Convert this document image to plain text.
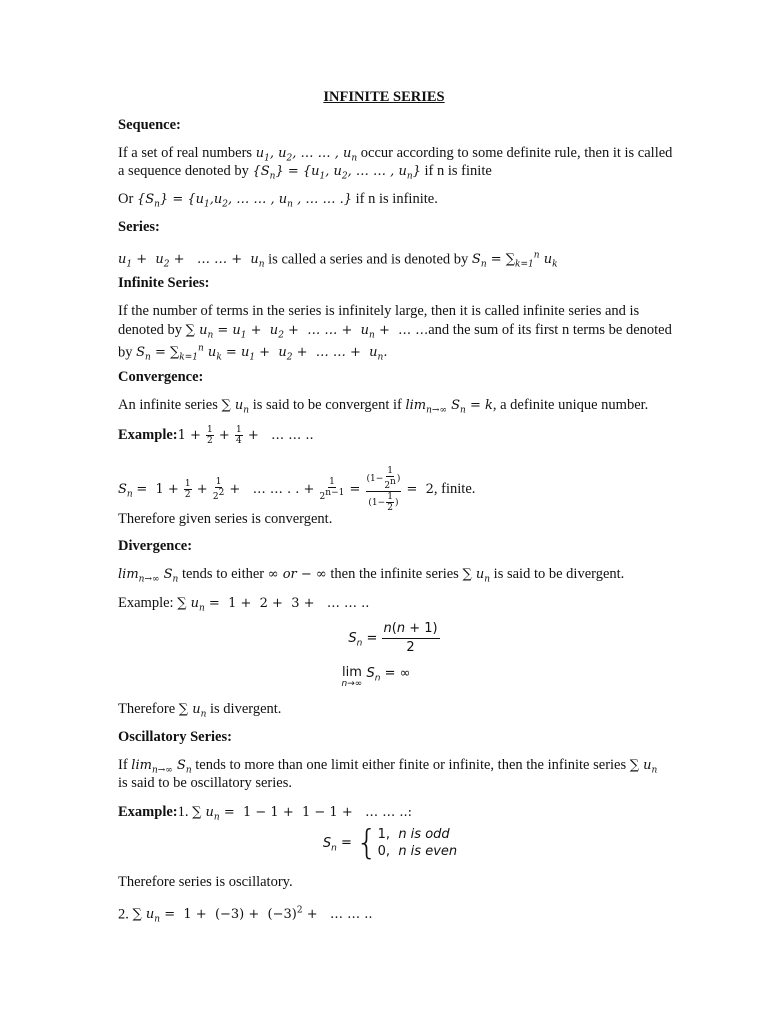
INFINITE SERIES
Sequence:
If a set of real numbers $u_1$, $u_2$, … … , $u_n$ occur according to some definite rule, then it is called
a sequence denoted by $\{S_n\} = \{u_1$, $u_2$, … … , $u_n$} if n is finite
Or $\{S_n\} = \{u_1,u_2$, … … , $u_n$ , … … .} if n is infinite.
Series:
$u_1 + u_2$ +   … … +  $u_n$ is called a series and is denoted by $S_n = \sum_{k=1}^n$ $u_k$
Infinite Series:
If the number of terms in the series is infinitely large, then it is called infinite series and is
denoted by ∑ $u_n = u_1 + u_2$ +  … … +  $u_n$ +  … …and the sum of its first n terms be denoted
by $S_n = \sum_{k=1}^n$ $u_k = u_1 + u_2$ +  … … +  $u_n$.
Convergence:
An infinite series ∑ $u_n$ is said to be convergent if $\lim_{n\to\infty} S_n = k$, a definite unique number.
Example:1 + $\frac{1}{2} + \frac{1}{4}$ +   … … ..
$S_n = 1 + \frac{1}{2} + \frac{1}{2^2}$ +   … … . . + $\frac{1}{2^{n-1}} = \frac{(1- \frac{1}{2^n} )}{(1- \frac{1}{2} )} = 2$, finite.
Therefore given series is convergent.
Divergence:
$\lim_{n\to\infty} S_n$ tends to either ∞ or − ∞ then the infinite series ∑ $u_n$ is said to be divergent.
Example: ∑ $u_n = 1 + 2 + 3$ +   … … ..
$S_n = \frac{n(n + 1)}{2}$
lim
n→∞
$S_n$ = ∞
Therefore ∑ $u_n$ is divergent.
Oscillatory Series:
If $\lim_{n\to\infty} S_n$ tends to more than one limit either finite or infinite, then the infinite series ∑ $u_n$
is said to be oscillatory series.
Example:1. ∑ $u_n = 1 - 1 + 1 - 1$ +   … … ..:
$S_n = \{1$,  n is odd
0,  n is even
Therefore series is oscillatory.
2. ∑ $u_n = 1 + (-3) + (-3)^2$ +   … … ..
